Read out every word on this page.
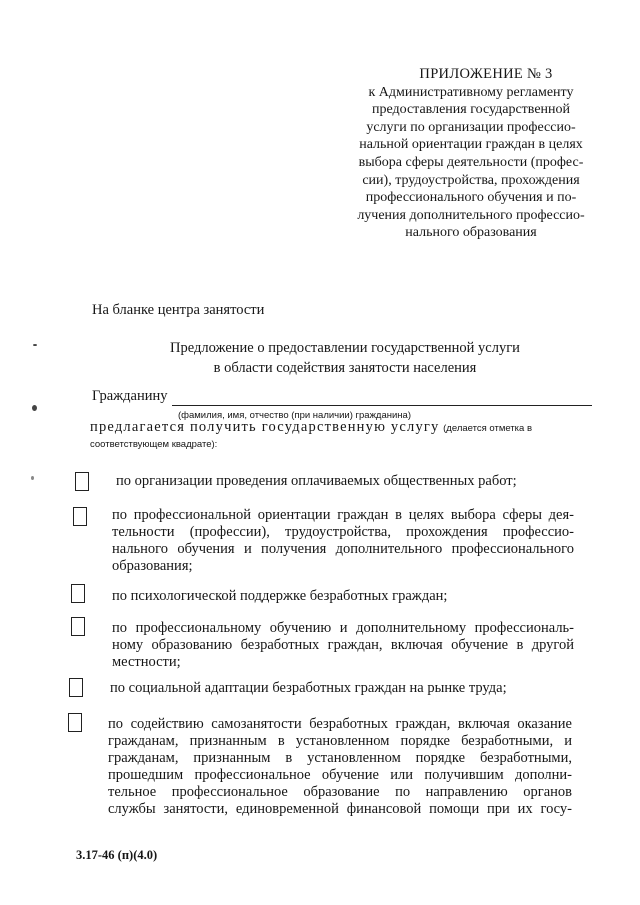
ПРИЛОЖЕНИЕ № 3
к Административному регламенту
предоставления государственной
услуги по организации профессио-
нальной ориентации граждан в целях
выбора сферы деятельности (профес-
сии), трудоустройства, прохождения
профессионального обучения и по-
лучения дополнительного профессио-
нального образования
На бланке центра занятости
Предложение о предоставлении государственной услуги
в области содействия занятости населения
Гражданину
(фамилия, имя, отчество (при наличии) гражданина)
предлагается получить государственную услугу (делается отметка в
соответствующем квадрате):
по организации проведения оплачиваемых общественных работ;
по профессиональной ориентации граждан в целях выбора сферы дея-
тельности (профессии), трудоустройства, прохождения профессио-
нального обучения и получения дополнительного профессионального
образования;
по психологической поддержке безработных граждан;
по профессиональному обучению и дополнительному профессиональ-
ному образованию безработных граждан, включая обучение в другой
местности;
по социальной адаптации безработных граждан на рынке труда;
по содействию самозанятости безработных граждан, включая оказание
гражданам, признанным в установленном порядке безработными, и
гражданам, признанным в установленном порядке безработными,
прошедшим профессиональное обучение или получившим дополни-
тельное профессиональное образование по направлению органов
службы занятости, единовременной финансовой помощи при их госу-
3.17-46 (п)(4.0)
